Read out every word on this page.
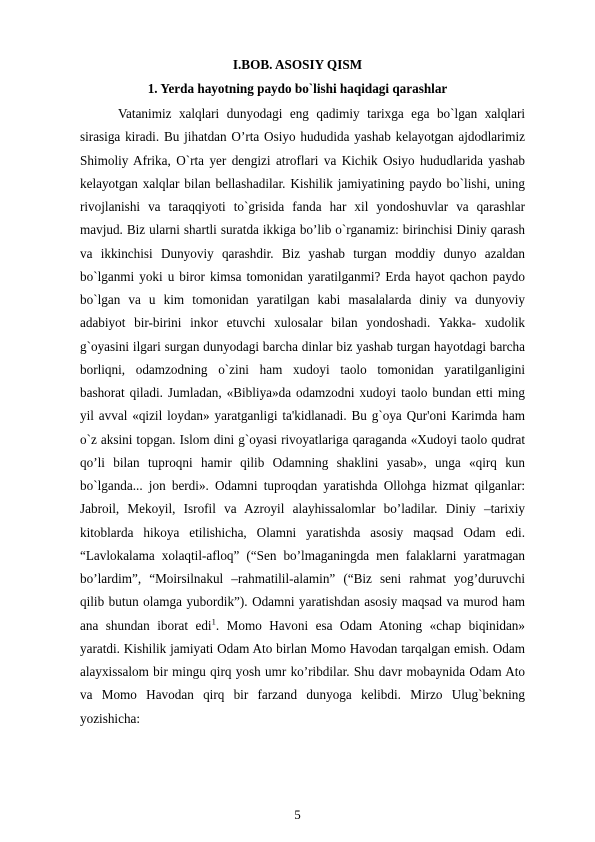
I.BOB. ASOSIY QISM
1. Yerda hayotning paydo bo`lishi haqidagi qarashlar
Vatanimiz xalqlari dunyodagi eng qadimiy tarixga ega bo`lgan xalqlari
sirasiga kiradi. Bu jihatdan O’rta Osiyo hududida yashab kelayotgan ajdodlarimiz
Shimoliy Afrika, O`rta yer dengizi atroflari va Kichik Osiyo hududlarida yashab
kelayotgan xalqlar bilan bellashadilar. Kishilik jamiyatining paydo bo`lishi, uning
rivojlanishi va taraqqiyoti to`grisida fanda har xil yondoshuvlar va qarashlar
mavjud. Biz ularni shartli suratda ikkiga bo’lib o`rganamiz: birinchisi Diniy qarash
va ikkinchisi Dunyoviy qarashdir. Biz yashab turgan moddiy dunyo azaldan
bo`lganmi yoki u biror kimsa tomonidan yaratilganmi? Erda hayot qachon paydo
bo`lgan va u kim tomonidan yaratilgan kabi masalalarda diniy va dunyoviy
adabiyot bir-birini inkor etuvchi xulosalar bilan yondoshadi. Yakka- xudolik
g`oyasini ilgari surgan dunyodagi barcha dinlar biz yashab turgan hayotdagi barcha
borliqni, odamzodning o`zini ham xudoyi taolo tomonidan yaratilganligini
bashorat qiladi. Jumladan, «Bibliya»da odamzodni xudoyi taolo bundan etti ming
yil avval «qizil loydan» yaratganligi ta'kidlanadi. Bu g`oya Qur'oni Karimda ham
o`z aksini topgan. Islom dini g`oyasi rivoyatlariga qaraganda «Xudoyi taolo qudrat
qo’li bilan tuproqni hamir qilib Odamning shaklini yasab», unga «qirq kun
bo`lganda... jon berdi». Odamni tuproqdan yaratishda Ollohga hizmat qilganlar:
Jabroil, Mekoyil, Isrofil va Azroyil alayhissalomlar bo’ladilar. Diniy –tarixiy
kitoblarda hikoya etilishicha, Olamni yaratishda asosiy maqsad Odam edi.
“Lavlokalama xolaqtil-afloq” (“Sen bo’lmaganingda men falaklarni yaratmagan
bo’lardim”, “Moirsilnakul –rahmatilil-alamin” (“Biz seni rahmat yog’duruvchi
qilib butun olamga yubordik”). Odamni yaratishdan asosiy maqsad va murod ham
ana shundan iborat edi$^1$. Momo Havoni esa Odam Atoning «chap biqinidan»
yaratdi. Kishilik jamiyati Odam Ato birlan Momo Havodan tarqalgan emish. Odam
alayxissalom bir mingu qirq yosh umr ko’ribdilar. Shu davr mobaynida Odam Ato
va Momo Havodan qirq bir farzand dunyoga kelibdi. Mirzo Ulug`bekning
yozishicha:
5
